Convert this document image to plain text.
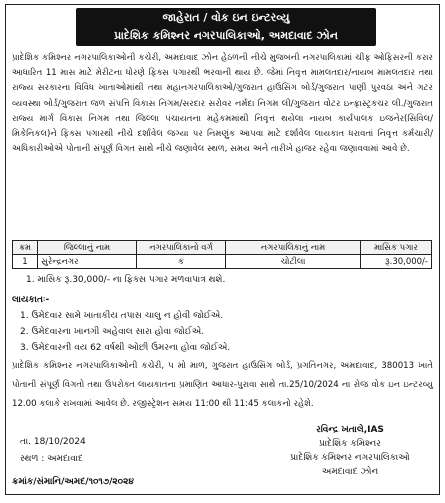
જાહેરાત / વોક ઇન ઇન્ટરવ્યુ
પ્રાદેશિક કમિશ્નર નગરપાલિકાઓ, અમદાવાદ ઝોન
પ્રાદેશિક કમિશ્નર નગરપાલિકાઓની કચેરી, અમદાવાદ ઝોન હેઠળની નીચે મુજબની નગરપાલિકામાં ચીફ ઓફિસરની કરાર આધારિત 11 માસ માટે મેરીટના ધોરણે ફિક્સ પગારથી ભરવાની થાય છે. જેમાં નિવૃત્ત મામલતદાર/નાયબ મામલતદાર તથા રાજ્ય સરકારના વિવિધ ખાતાઓમાંથી તથા મહાનગરપાલિકાઓ/ગુજરાત હાઉસિંગ બોર્ડ/ગુજરાત પાણી પુરવઠા અને ગટર વ્યવસ્થા બોર્ડ/ગુજરાત જળ સંપત્તિ વિકાસ નિગમ/સરદાર સરોવર નર્મદા નિગમ લી/ગુજરાત વોટર ઇન્ફ્રાસ્ટ્રકચર લી./ગુજરાત રાજ્ય માર્ગ વિકાસ નિગમ તથા જિલ્લા પંચાયતના મહેકમમાંથી નિવૃત્ત થયેલા નાયબ કાર્યપાલક ઇજનેર(સિવિલ/મિકેનિકલ)ને ફિક્સ પગારથી નીચે દર્શાવેલ જગ્યા પર નિમણુંક આપવા માટે દર્શાવેલ લાયકાત ધરાવતાં નિવૃત્ત કર્મચારી/અધિકારીઓએ પોતાની સંપૂર્ણ વિગત સાથે નીચે જણાવેલ સ્થળ, સમય અને તારીખે હાજર રહેવા જણાવવામાં આવે છે.
ક્રમ	જિલ્લાનું નામ	નગરપાલિકાનો વર્ગ	નગરપાલિકાનું નામ	માસિક પગાર
1	સુરેન્દ્રનગર	ક	ચોટીલા	રૂ.30,000/-
1. માસિક રૂ.30,000/- ના ફિક્સ પગાર મળવાપાત્ર થશે.
લાયકાતઃ-
1. ઉમેદવાર સામે ખાતાકીય તપાસ ચાલુ ન હોવી જોઈએ.
2. ઉમેદવારના ખાનગી અહેવાલ સારા હોવા જોઈએ.
3. ઉમેદવારની વય 62 વર્ષથી ઓછી ઉંમરના હોવા જોઈએ.
પ્રાદેશિક કમિશ્નર નગરપાલિકાઓની કચેરી, પ મો માળ, ગુજરાત હાઉસિંગ બોર્ડ, પ્રગતિનગર, અમદાવાદ, 380013 ખાતે પોતાની સંપૂર્ણ વિગતો તથા ઉપરોક્ત લાયકાતના પ્રમાણિત આધાર-પુરાવા સાથે તા.25/10/2024 ના રોજ વોક ઇન ઇન્ટરવ્યુ 12.00 કલાકે રાખવામાં આવેલ છે. રજીસ્ટ્રેશન સમય 11:00 થી 11:45 કલાકનો રહેશે.
રવિન્દ્ર ખતાલે,IAS
પ્રાદેશિક કમિશ્નર
પ્રાદેશિક કમિશ્નર નગરપાલિકાઓ
અમદાવાદ ઝોન
તા. 18/10/2024
સ્થળ : અમદાવાદ
ક્રમાંક/સંમાનિ/અમદ/૧૦૧૭/૨૦૨૪
